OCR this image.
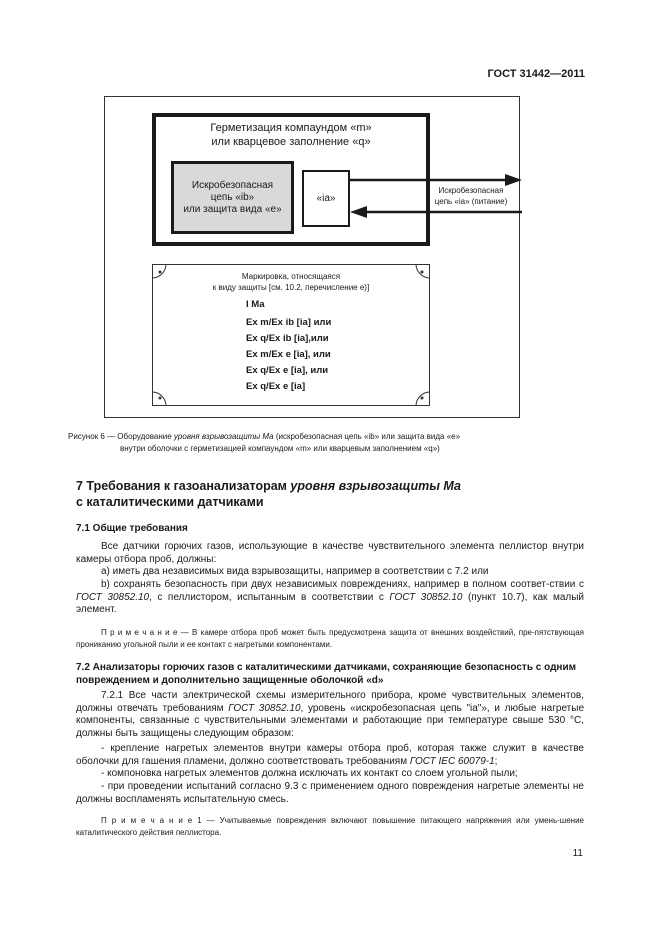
ГОСТ 31442—2011
Герметизация компаундом «m»
или кварцевое заполнение «q»
Искробезопасная
цепь «ib»
или защита вида «e»
«ia»
Искробезопасная
цепь «ia» (питание)
Маркировка, относящаяся
к виду защиты [см. 10.2, перечисление е)]
I Ma
Ex m/Ex ib [ia] или
Ex q/Ex ib [ia],или
Ex m/Ex e [ia], или
Ex q/Ex e [ia], или
Ex q/Ex e [ia]
Рисунок 6 — Оборудование уровня взрывозащиты Ма (искробезопасная цепь «ib» или защита вида «е»
внутри оболочки с герметизацией компаундом «m» или кварцевым заполнением «q»)
7 Требования к газоанализаторам уровня взрывозащиты Ма
с каталитическими датчиками
7.1 Общие требования
Все датчики горючих газов, использующие в качестве чувствительного элемента пеллистор внутри камеры отбора проб, должны:
а) иметь два независимых вида взрывозащиты, например в соответствии с 7.2 или
b) сохранять безопасность при двух независимых повреждениях, например в полном соответ-ствии с ГОСТ 30852.10, с пеллистором, испытанным в соответствии с ГОСТ 30852.10 (пункт 10.7), как малый элемент.
П р и м е ч а н и е — В камере отбора проб может быть предусмотрена защита от внешних воздействий, пре-пятствующая прониканию угольной пыли и ее контакт с нагретыми компонентами.
7.2 Анализаторы горючих газов с каталитическими датчиками, сохраняющие безопасность с одним повреждением и дополнительно защищенные оболочкой «d»
7.2.1 Все части электрической схемы измерительного прибора, кроме чувствительных элементов, должны отвечать требованиям ГОСТ 30852.10, уровень «искробезопасная цепь "ia"», и любые нагретые компоненты, связанные с чувствительными элементами и работающие при температуре свыше 530 °С, должны быть защищены следующим образом:
- крепление нагретых элементов внутри камеры отбора проб, которая также служит в качестве оболочки для гашения пламени, должно соответствовать требованиям ГОСТ IEC 60079-1;
- компоновка нагретых элементов должна исключать их контакт со слоем угольной пыли;
- при проведении испытаний согласно 9.3 с применением одного повреждения нагретые элементы не должны воспламенять испытательную смесь.
П р и м е ч а н и е 1 — Учитываемые повреждения включают повышение питающего напряжения или умень-шение каталитического действия пеллистора.
11
